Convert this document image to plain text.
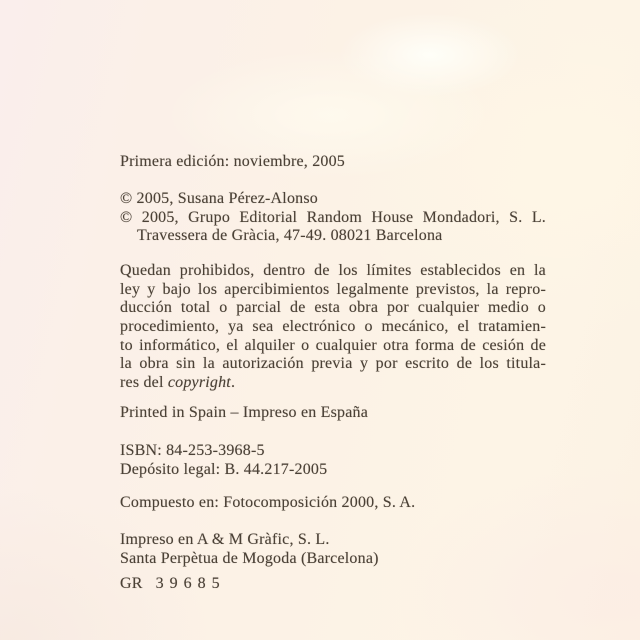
Primera edición: noviembre, 2005
© 2005, Susana Pérez-Alonso
© 2005, Grupo Editorial Random House Mondadori, S. L.
Travessera de Gràcia, 47-49. 08021 Barcelona
Quedan prohibidos, dentro de los límites establecidos en la
ley y bajo los apercibimientos legalmente previstos, la repro-
ducción total o parcial de esta obra por cualquier medio o
procedimiento, ya sea electrónico o mecánico, el tratamien-
to informático, el alquiler o cualquier otra forma de cesión de
la obra sin la autorización previa y por escrito de los titula-
res del copyright.
Printed in Spain – Impreso en España
ISBN: 84-253-3968-5
Depósito legal: B. 44.217-2005
Compuesto en: Fotocomposición 2000, S. A.
Impreso en A & M Gràfic, S. L.
Santa Perpètua de Mogoda (Barcelona)
GR 39685
